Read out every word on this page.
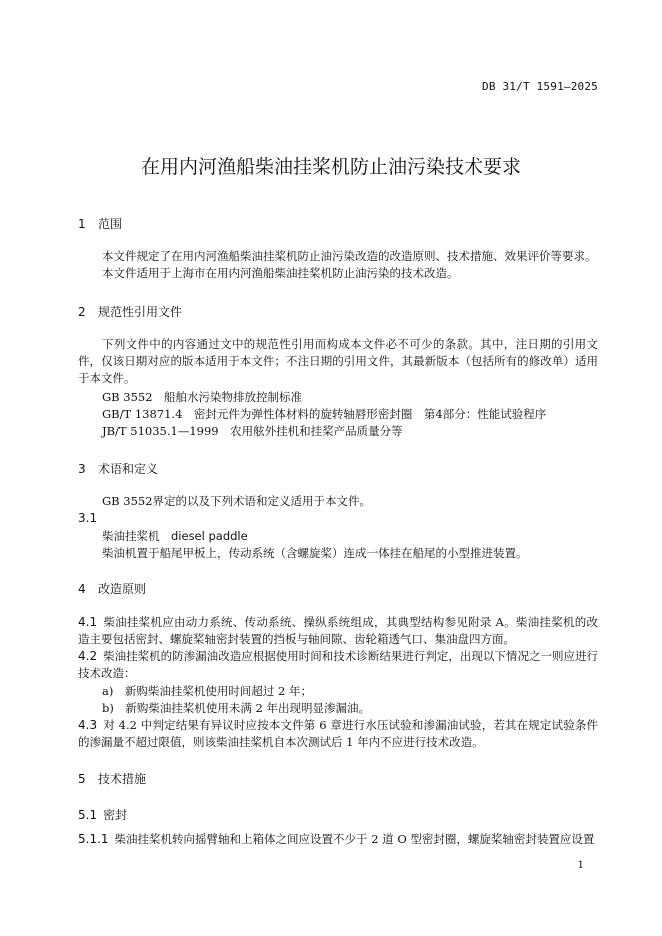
DB 31/T 1591—2025
在用内河渔船柴油挂桨机防止油污染技术要求
1 范围
本文件规定了在用内河渔船柴油挂桨机防止油污染改造的改造原则、技术措施、效果评价等要求。
本文件适用于上海市在用内河渔船柴油挂桨机防止油污染的技术改造。
2 规范性引用文件
下列文件中的内容通过文中的规范性引用而构成本文件必不可少的条款。其中，注日期的引用文件，仅该日期对应的版本适用于本文件；不注日期的引用文件，其最新版本（包括所有的修改单）适用于本文件。
GB 3552　船舶水污染物排放控制标准
GB/T 13871.4　密封元件为弹性体材料的旋转轴唇形密封圈　第4部分：性能试验程序
JB/T 51035.1—1999　农用舷外挂机和挂桨产品质量分等
3 术语和定义
GB 3552界定的以及下列术语和定义适用于本文件。
3.1
柴油挂桨机　diesel paddle
柴油机置于船尾甲板上，传动系统（含螺旋桨）连成一体挂在船尾的小型推进装置。
4 改造原则
4.1 柴油挂桨机应由动力系统、传动系统、操纵系统组成，其典型结构参见附录 A。柴油挂桨机的改造主要包括密封、螺旋桨轴密封装置的挡板与轴间隙、齿轮箱透气口、集油盘四方面。
4.2 柴油挂桨机的防渗漏油改造应根据使用时间和技术诊断结果进行判定，出现以下情况之一则应进行技术改造：
a)　新购柴油挂桨机使用时间超过 2 年；
b)　新购柴油挂桨机使用未满 2 年出现明显渗漏油。
4.3 对 4.2 中判定结果有异议时应按本文件第 6 章进行水压试验和渗漏油试验，若其在规定试验条件的渗漏量不超过限值，则该柴油挂桨机自本次测试后 1 年内不应进行技术改造。
5 技术措施
5.1 密封
5.1.1 柴油挂桨机转向摇臂轴和上箱体之间应设置不少于 2 道 O 型密封圈，螺旋桨轴密封装置应设置
1
